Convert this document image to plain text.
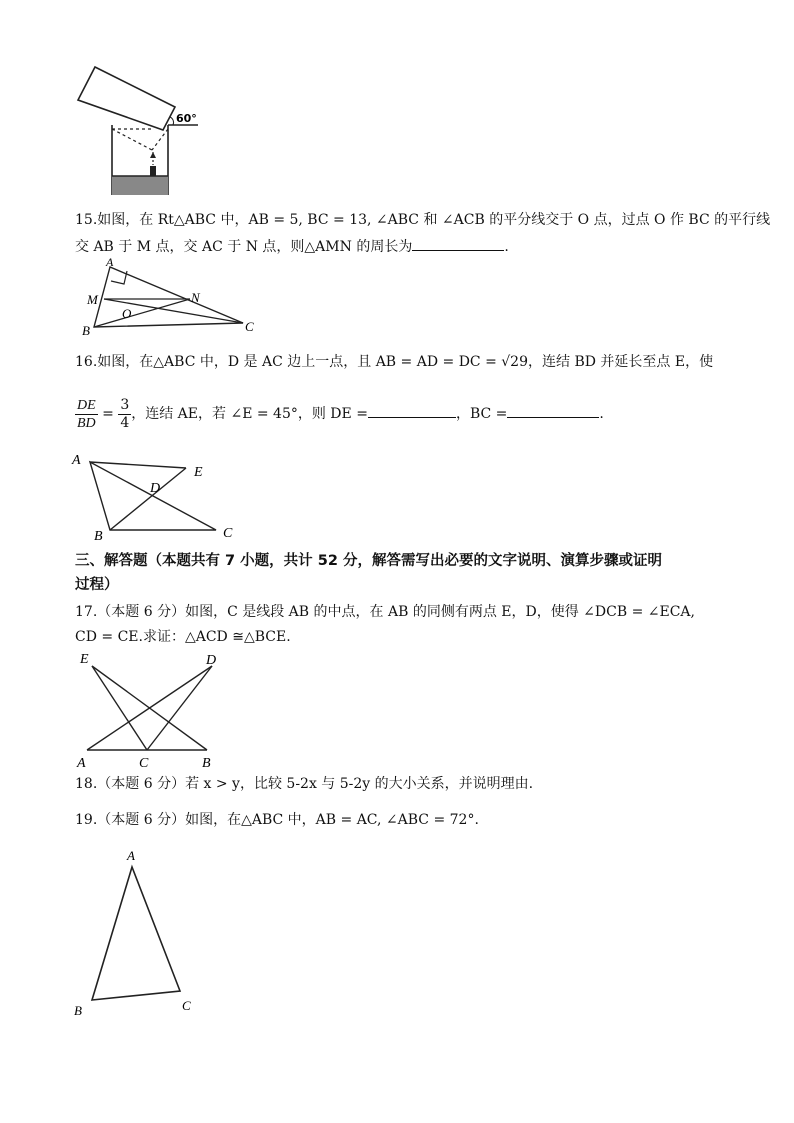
60°
15.如图，在 Rt△ABC 中，AB = 5, BC = 13, ∠ABC 和 ∠ACB 的平分线交于 O 点，过点 O 作 BC 的平行线
交 AB 于 M 点，交 AC 于 N 点，则△AMN 的周长为	.
A
M	N
O
B	C
16.如图，在△ABC 中，D 是 AC 边上一点，且 AB = AD = DC = √29，连结 BD 并延长至点 E，使
$\frac{DE}{BD} = \frac{3}{4}$ ，连结 AE，若 ∠E = 45°，则 DE =	，BC =	.
A
E
D
B	C
三、解答题（本题共有 7 小题，共计 52 分，解答需写出必要的文字说明、演算步骤或证明
过程）
17.（本题 6 分）如图，C 是线段 AB 的中点，在 AB 的同侧有两点 E，D，使得 ∠DCB = ∠ECA,
CD = CE.求证：△ACD ≅△BCE.
E	D
A	C	B
18.（本题 6 分）若 x > y，比较 5-2x 与 5-2y 的大小关系，并说明理由.
19.（本题 6 分）如图，在△ABC 中，AB = AC, ∠ABC = 72°.
A
B	C
